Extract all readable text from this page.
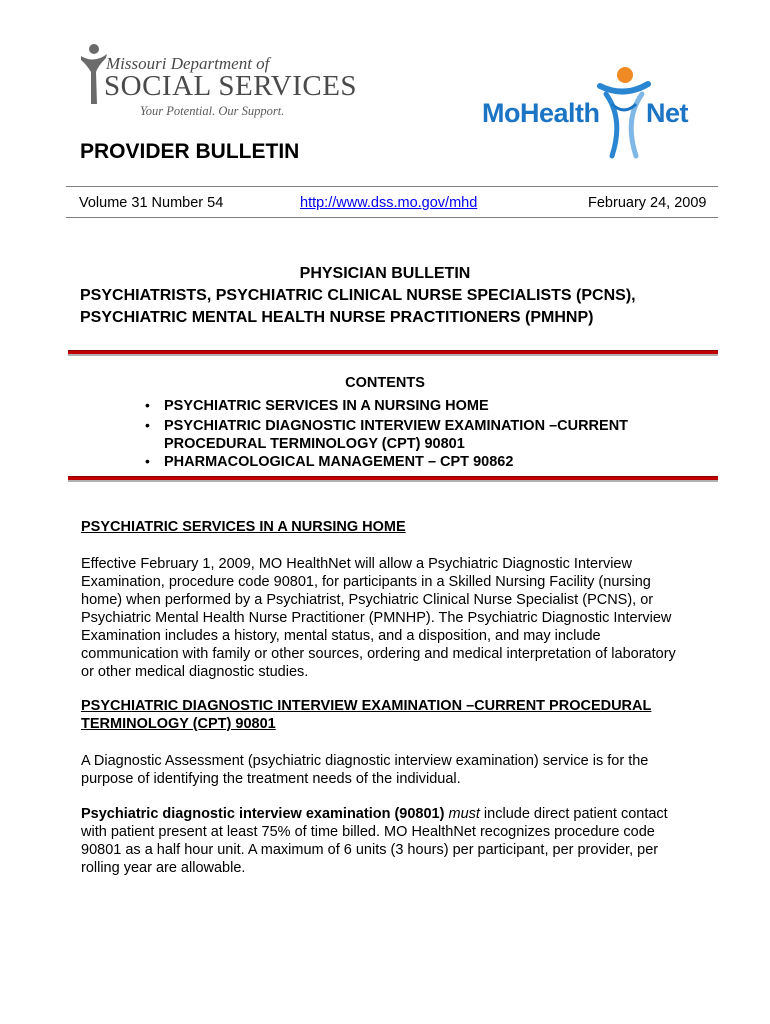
Missouri Department of
SOCIAL SERVICES
Your Potential. Our Support.	MoHealth Net
PROVIDER BULLETIN
Volume 31 Number 54	http://www.dss.mo.gov/mhd	February 24, 2009
PHYSICIAN BULLETIN
PSYCHIATRISTS, PSYCHIATRIC CLINICAL NURSE SPECIALISTS (PCNS),
PSYCHIATRIC MENTAL HEALTH NURSE PRACTITIONERS (PMHNP)
CONTENTS
• PSYCHIATRIC SERVICES IN A NURSING HOME
• PSYCHIATRIC DIAGNOSTIC INTERVIEW EXAMINATION –CURRENT
PROCEDURAL TERMINOLOGY (CPT) 90801
• PHARMACOLOGICAL MANAGEMENT – CPT 90862
PSYCHIATRIC SERVICES IN A NURSING HOME

Effective February 1, 2009, MO HealthNet will allow a Psychiatric Diagnostic Interview

Examination, procedure code 90801, for participants in a Skilled Nursing Facility (nursing

home) when performed by a Psychiatrist, Psychiatric Clinical Nurse Specialist (PCNS), or

Psychiatric Mental Health Nurse Practitioner (PMNHP). The Psychiatric Diagnostic Interview

Examination includes a history, mental status, and a disposition, and may include

communication with family or other sources, ordering and medical interpretation of laboratory

or other medical diagnostic studies.

PSYCHIATRIC DIAGNOSTIC INTERVIEW EXAMINATION –CURRENT PROCEDURAL
TERMINOLOGY (CPT) 90801

A Diagnostic Assessment (psychiatric diagnostic interview examination) service is for the

purpose of identifying the treatment needs of the individual.

Psychiatric diagnostic interview examination (90801) must include direct patient contact

with patient present at least 75% of time billed. MO HealthNet recognizes procedure code

90801 as a half hour unit. A maximum of 6 units (3 hours) per participant, per provider, per

rolling year are allowable.
